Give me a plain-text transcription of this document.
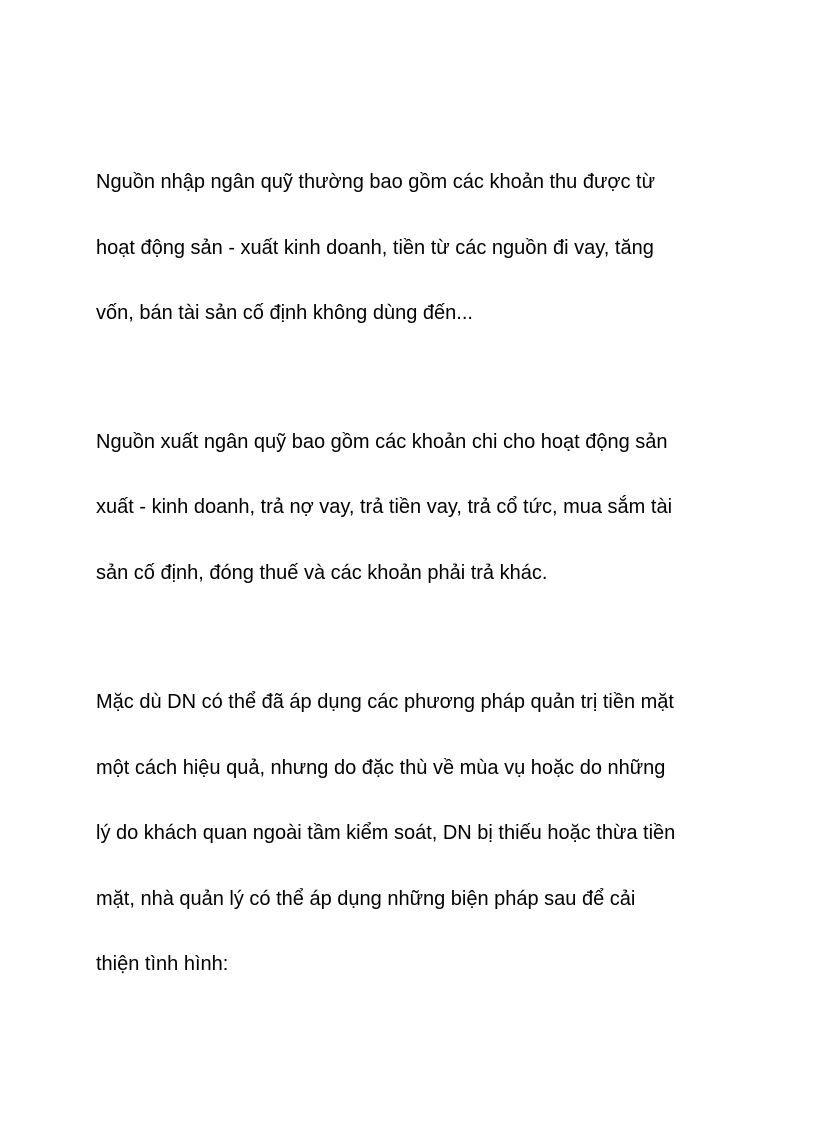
Nguồn nhập ngân quỹ thường bao gồm các khoản thu được từ

hoạt động sản - xuất kinh doanh, tiền từ các nguồn đi vay, tăng

vốn, bán tài sản cố định không dùng đến...

Nguồn xuất ngân quỹ bao gồm các khoản chi cho hoạt động sản

xuất - kinh doanh, trả nợ vay, trả tiền vay, trả cổ tức, mua sắm tài

sản cố định, đóng thuế và các khoản phải trả khác.

Mặc dù DN có thể đã áp dụng các phương pháp quản trị tiền mặt

một cách hiệu quả, nhưng do đặc thù về mùa vụ hoặc do những

lý do khách quan ngoài tầm kiểm soát, DN bị thiếu hoặc thừa tiền

mặt, nhà quản lý có thể áp dụng những biện pháp sau để cải

thiện tình hình:
